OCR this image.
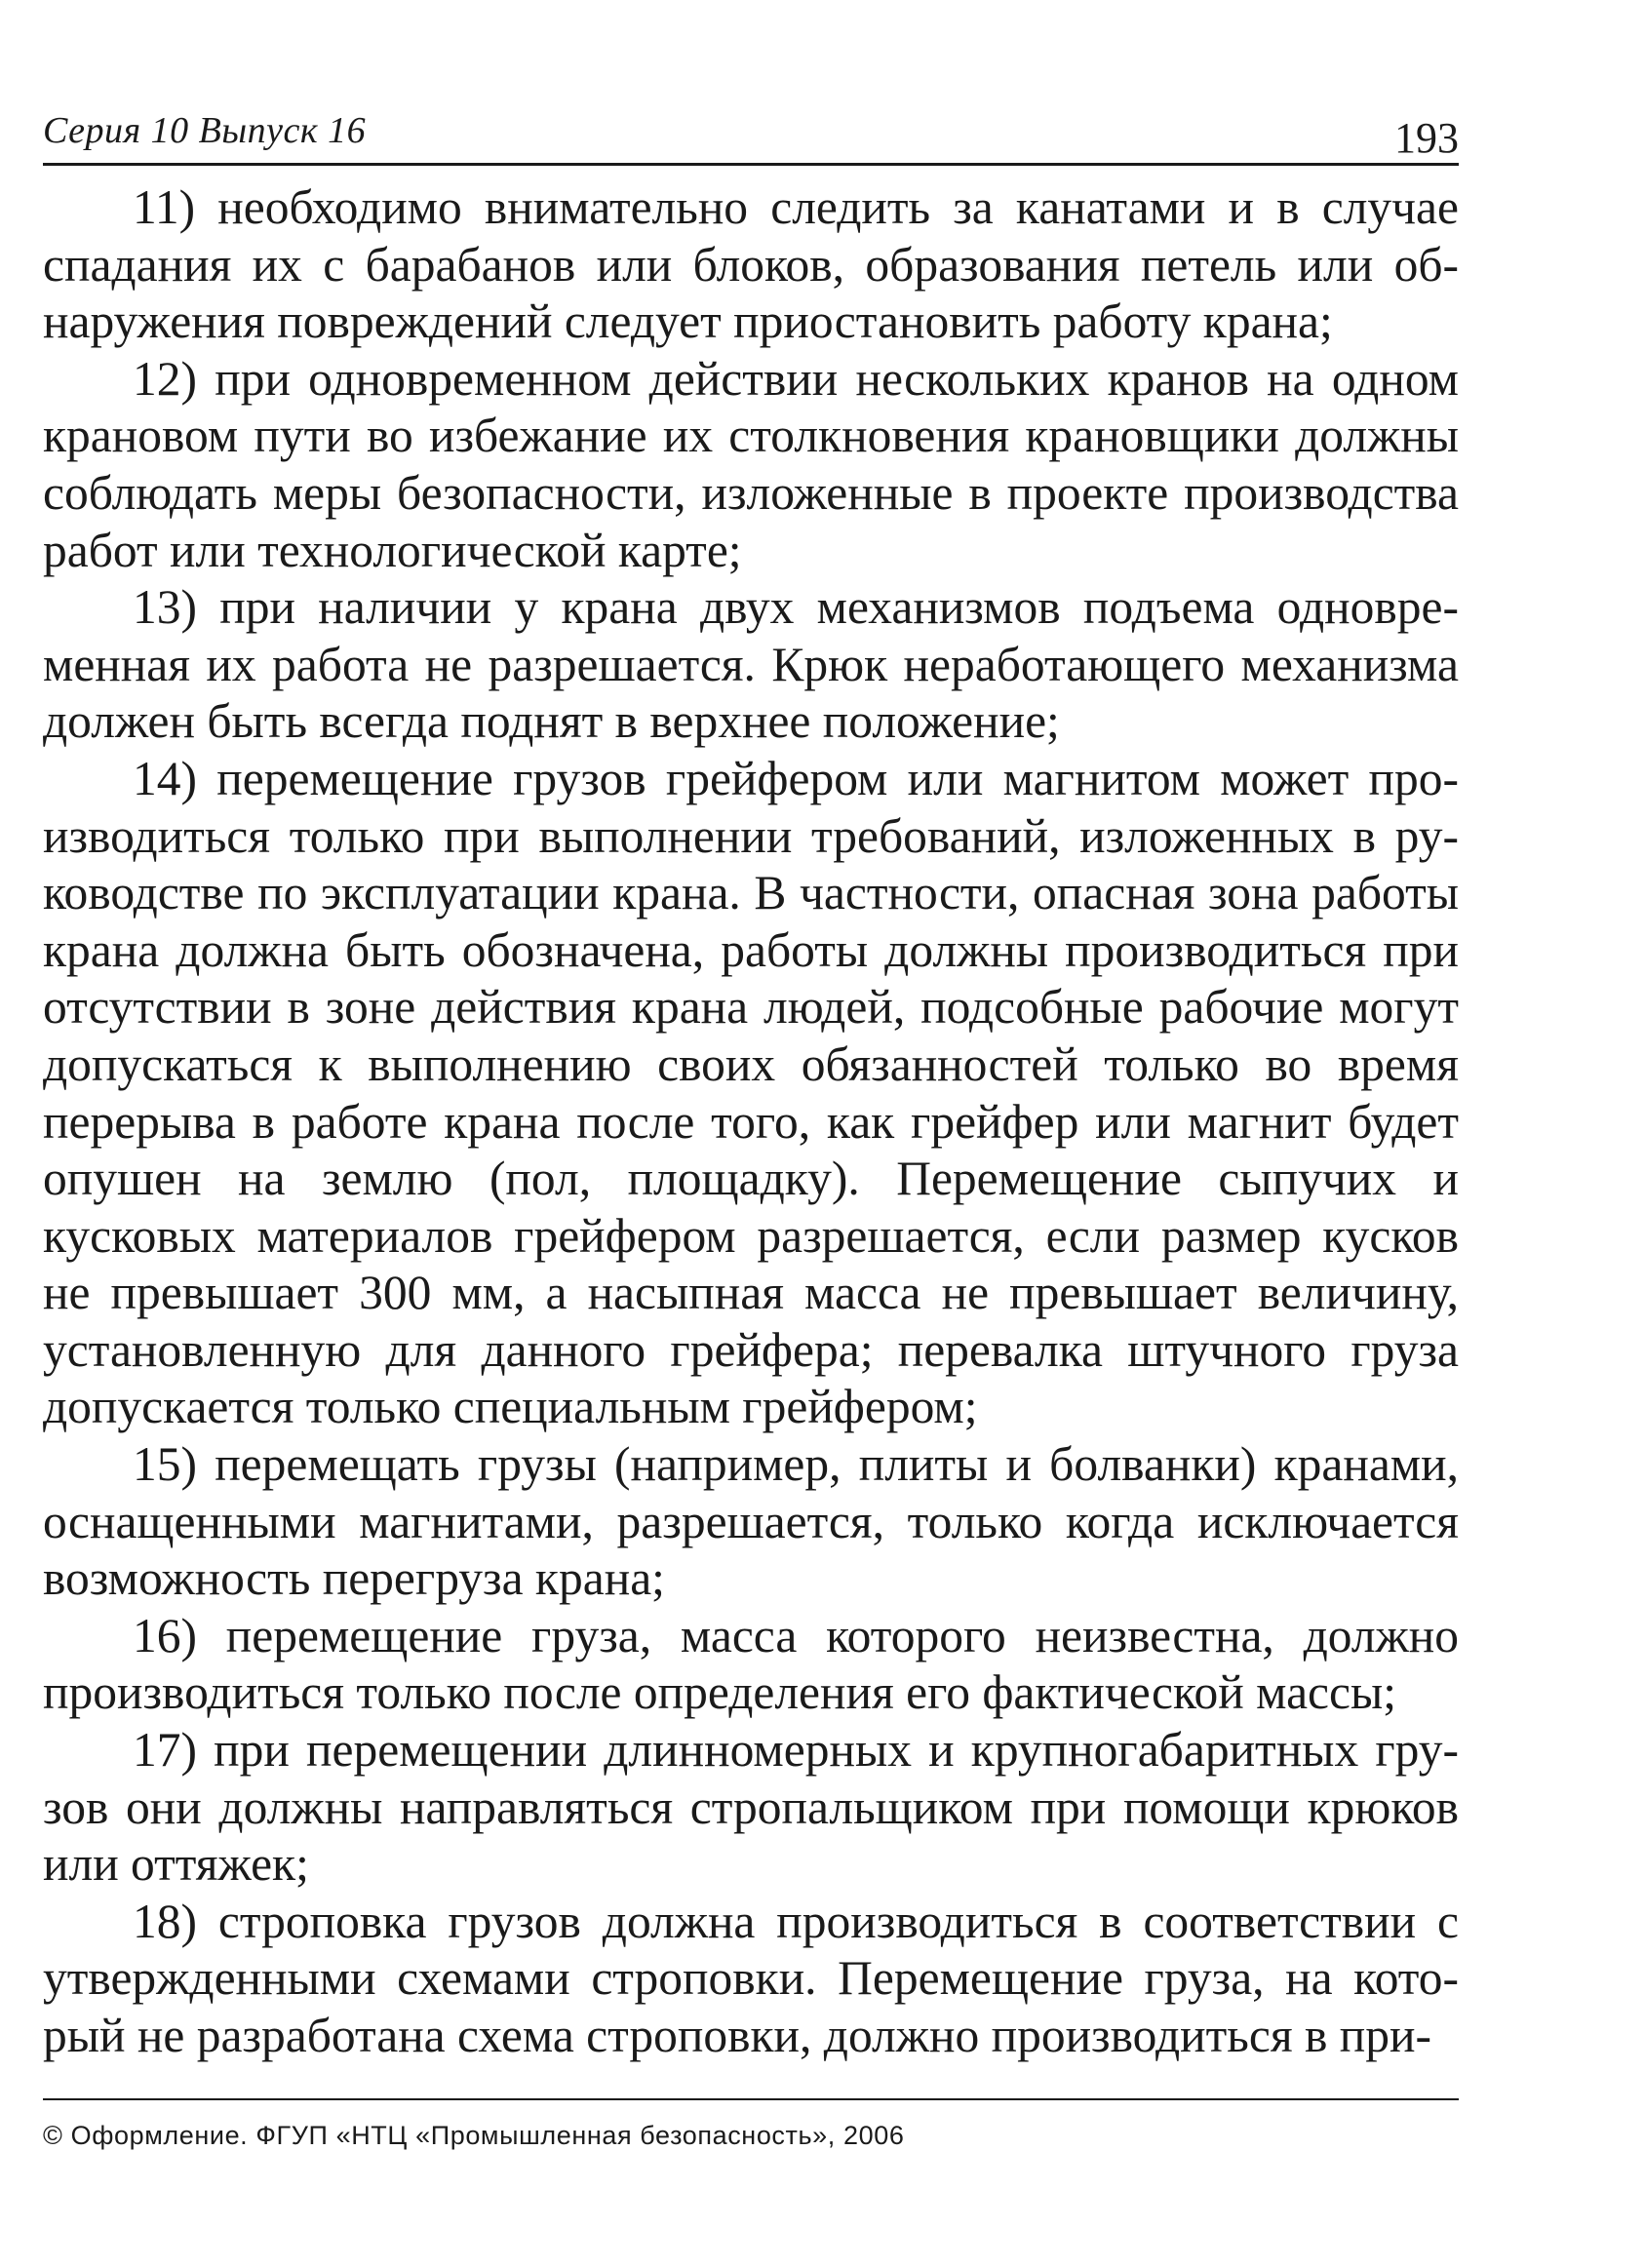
Серия 10 Выпуск 16	193

11) необходимо внимательно следить за канатами и в случае спадания их с барабанов или блоков, образования петель или обнаружения повреждений следует приостановить работу крана;

12) при одновременном действии нескольких кранов на одном крановом пути во избежание их столкновения крановщики должны соблюдать меры безопасности, изложенные в проекте производства работ или технологической карте;

13) при наличии у крана двух механизмов подъема одновременная их работа не разрешается. Крюк неработающего механизма должен быть всегда поднят в верхнее положение;

14) перемещение грузов грейфером или магнитом может производиться только при выполнении требований, изложенных в руководстве по эксплуатации крана. В частности, опасная зона работы крана должна быть обозначена, работы должны производиться при отсутствии в зоне действия крана людей, подсобные рабочие могут допускаться к выполнению своих обязанностей только во время перерыва в работе крана после того, как грейфер или магнит будет опушен на землю (пол, площадку). Перемещение сыпучих и кусковых материалов грейфером разрешается, если размер кусков не превышает 300 мм, а насыпная масса не превышает величину, установленную для данного грейфера; перевалка штучного груза допускается только специальным грейфером;

15) перемещать грузы (например, плиты и болванки) кранами, оснащенными магнитами, разрешается, только когда исключается возможность перегруза крана;

16) перемещение груза, масса которого неизвестна, должно производиться только после определения его фактической массы;

17) при перемещении длинномерных и крупногабаритных грузов они должны направляться стропальщиком при помощи крюков или оттяжек;

18) строповка грузов должна производиться в соответствии с утвержденными схемами строповки. Перемещение груза, на который не разработана схема строповки, должно производиться в при-

© Оформление. ФГУП «НТЦ «Промышленная безопасность», 2006
